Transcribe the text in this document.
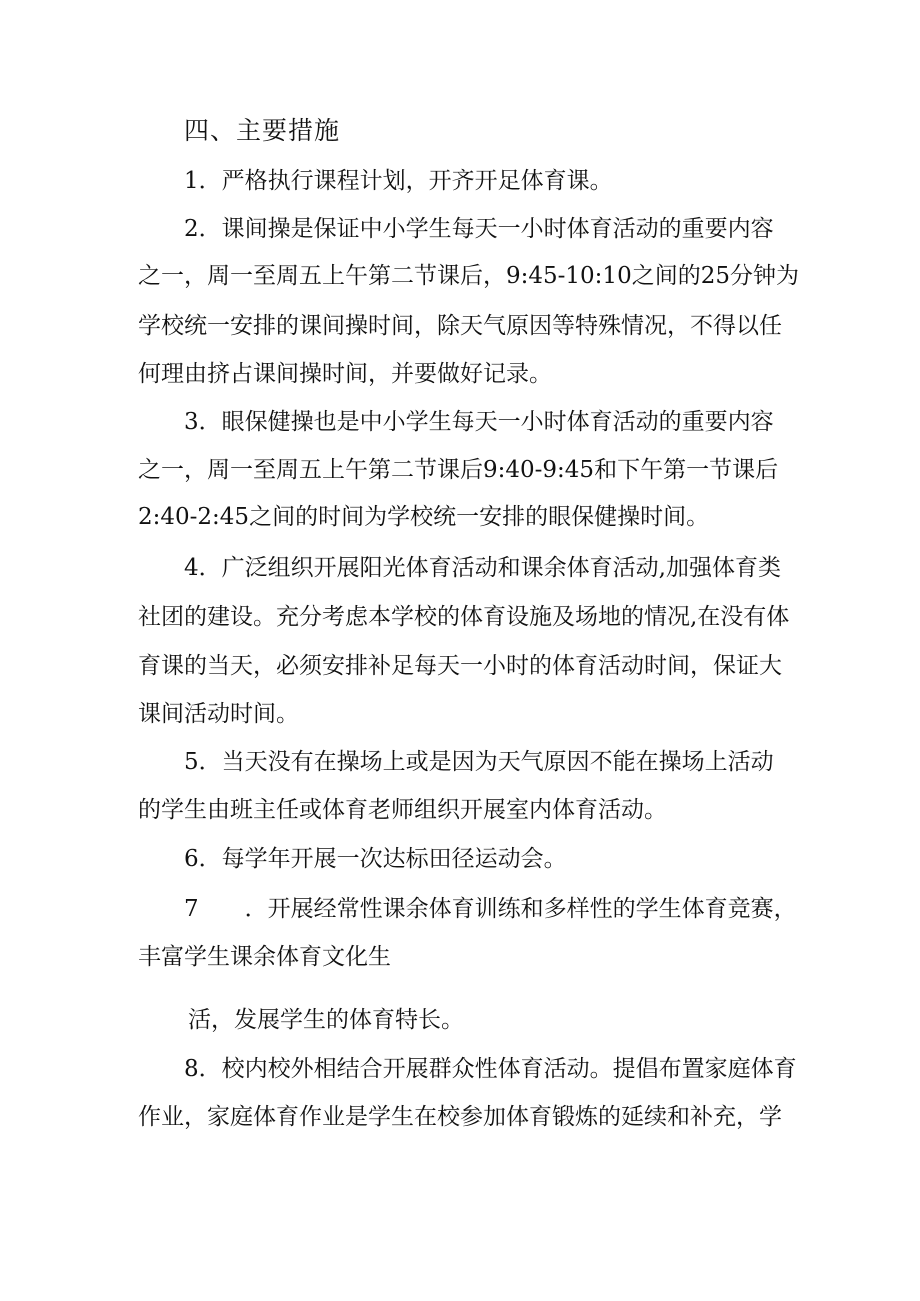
四、主要措施
1．严格执行课程计划，开齐开足体育课。
2．课间操是保证中小学生每天一小时体育活动的重要内容
之一，周一至周五上午第二节课后，9:45-10:10之间的25分钟为
学校统一安排的课间操时间，除天气原因等特殊情况，不得以任
何理由挤占课间操时间，并要做好记录。
3．眼保健操也是中小学生每天一小时体育活动的重要内容
之一，周一至周五上午第二节课后9:40-9:45和下午第一节课后
2:40-2:45之间的时间为学校统一安排的眼保健操时间。
4．广泛组织开展阳光体育活动和课余体育活动,加强体育类
社团的建设。充分考虑本学校的体育设施及场地的情况,在没有体
育课的当天，必须安排补足每天一小时的体育活动时间，保证大
课间活动时间。
5．当天没有在操场上或是因为天气原因不能在操场上活动
的学生由班主任或体育老师组织开展室内体育活动。
6．每学年开展一次达标田径运动会。
7　　．开展经常性课余体育训练和多样性的学生体育竞赛，
丰富学生课余体育文化生
活，发展学生的体育特长。
8．校内校外相结合开展群众性体育活动。提倡布置家庭体育
作业，家庭体育作业是学生在校参加体育锻炼的延续和补充，学
